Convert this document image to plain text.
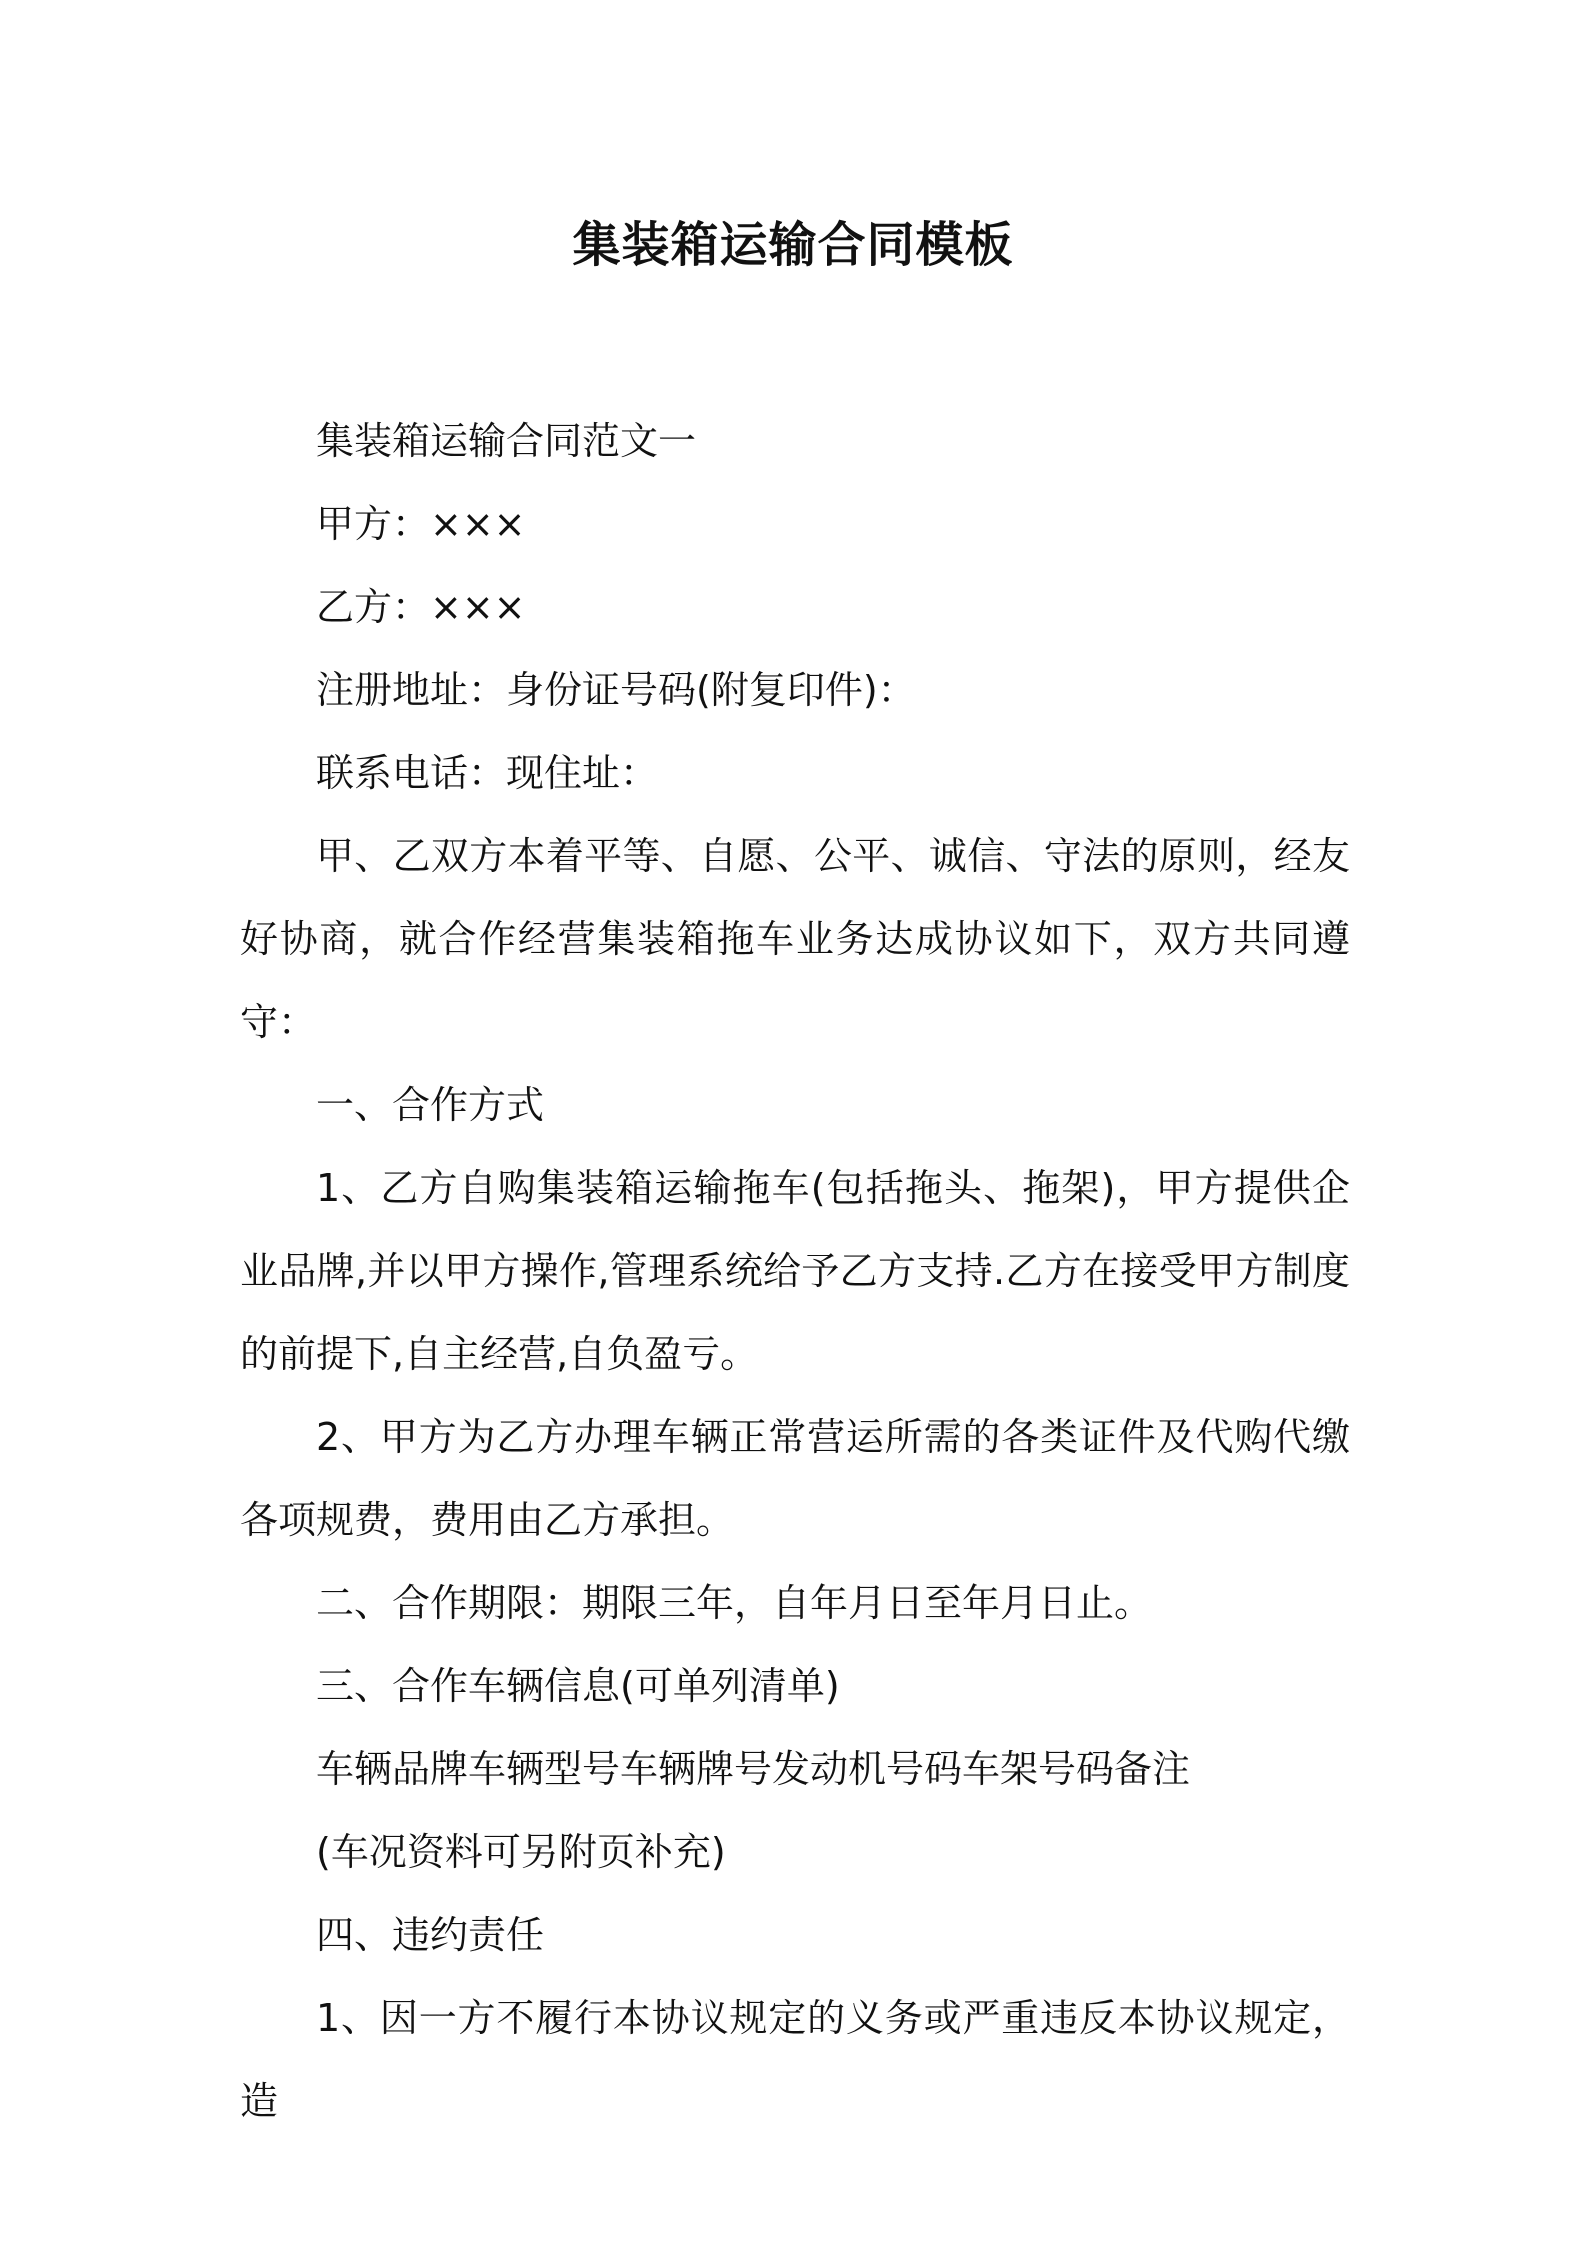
集装箱运输合同模板
集装箱运输合同范文一
甲方：×××
乙方：×××
注册地址：身份证号码(附复印件)：
联系电话：现住址：
甲、乙双方本着平等、自愿、公平、诚信、守法的原则，经友好协商，就合作经营集装箱拖车业务达成协议如下，双方共同遵守：
一、合作方式
1、乙方自购集装箱运输拖车(包括拖头、拖架)，甲方提供企业品牌,并以甲方操作,管理系统给予乙方支持.乙方在接受甲方制度的前提下,自主经营,自负盈亏。
2、甲方为乙方办理车辆正常营运所需的各类证件及代购代缴各项规费，费用由乙方承担。
二、合作期限：期限三年，自年月日至年月日止。
三、合作车辆信息(可单列清单)
车辆品牌车辆型号车辆牌号发动机号码车架号码备注
(车况资料可另附页补充)
四、违约责任
1、因一方不履行本协议规定的义务或严重违反本协议规定，造
